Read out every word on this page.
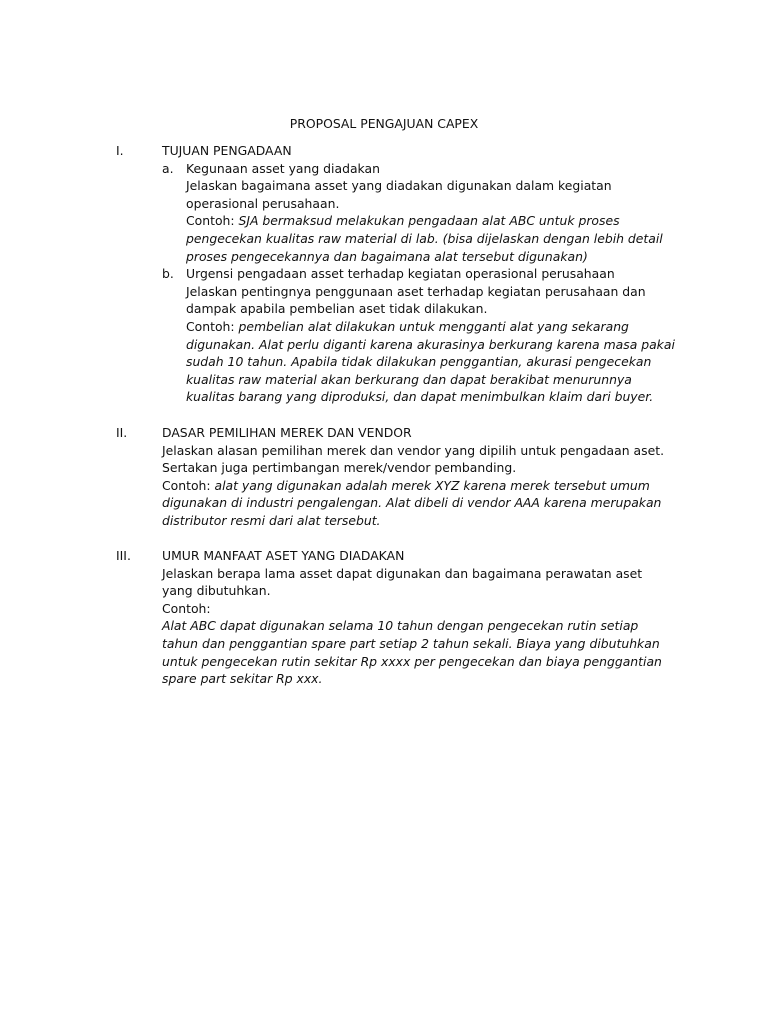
PROPOSAL PENGAJUAN CAPEX
I.	TUJUAN PENGADAAN

a.	Kegunaan asset yang diadakan

Jelaskan bagaimana asset yang diadakan digunakan dalam kegiatan operasional perusahaan.

Contoh: SJA bermaksud melakukan pengadaan alat ABC untuk proses pengecekan kualitas raw material di lab. (bisa dijelaskan dengan lebih detail proses pengecekannya dan bagaimana alat tersebut digunakan)

b. Urgensi pengadaan asset terhadap kegiatan operasional perusahaan

Jelaskan pentingnya penggunaan aset terhadap kegiatan perusahaan dan dampak apabila pembelian aset tidak dilakukan.

Contoh: pembelian alat dilakukan untuk mengganti alat yang sekarang digunakan. Alat perlu diganti karena akurasinya berkurang karena masa pakai sudah 10 tahun. Apabila tidak dilakukan penggantian, akurasi pengecekan kualitas raw material akan berkurang dan dapat berakibat menurunnya kualitas barang yang diproduksi, dan dapat menimbulkan klaim dari buyer.

II.	DASAR PEMILIHAN MEREK DAN VENDOR

Jelaskan alasan pemilihan merek dan vendor yang dipilih untuk pengadaan aset. Sertakan juga pertimbangan merek/vendor pembanding.

Contoh: alat yang digunakan adalah merek XYZ karena merek tersebut umum digunakan di industri pengalengan. Alat dibeli di vendor AAA karena merupakan distributor resmi dari alat tersebut.

III.	UMUR MANFAAT ASET YANG DIADAKAN

Jelaskan berapa lama asset dapat digunakan dan bagaimana perawatan aset yang dibutuhkan.

Contoh:

Alat ABC dapat digunakan selama 10 tahun dengan pengecekan rutin setiap tahun dan penggantian spare part setiap 2 tahun sekali. Biaya yang dibutuhkan untuk pengecekan rutin sekitar Rp xxxx per pengecekan dan biaya penggantian spare part sekitar Rp xxx.
